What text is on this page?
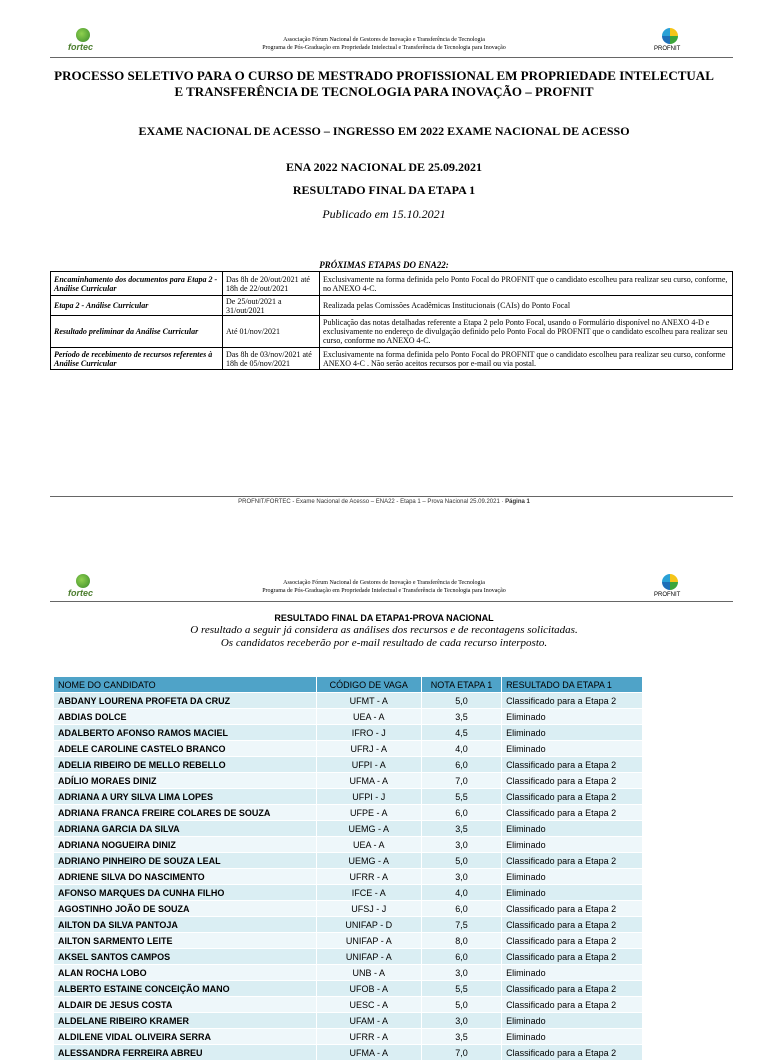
fortec	PROFNIT
Associação Fórum Nacional de Gestores de Inovação e Transferência de Tecnologia
Programa de Pós-Graduação em Propriedade Intelectual e Transferência de Tecnologia para Inovação
PROCESSO SELETIVO PARA O CURSO DE MESTRADO PROFISSIONAL EM PROPRIEDADE INTELECTUAL
E TRANSFERÊNCIA DE TECNOLOGIA PARA INOVAÇÃO – PROFNIT
EXAME NACIONAL DE ACESSO – INGRESSO EM 2022 EXAME NACIONAL DE ACESSO
ENA 2022 NACIONAL DE 25.09.2021
RESULTADO FINAL DA ETAPA 1
Publicado em 15.10.2021
PRÓXIMAS ETAPAS DO ENA22:
Encaminhamento dos documentos para Etapa 2 - Análise Curricular	Das 8h de 20/out/2021 até 18h de 22/out/2021	Exclusivamente na forma definida pelo Ponto Focal do PROFNIT que o candidato escolheu para realizar seu curso, conforme, no ANEXO 4-C.
Etapa 2 - Análise Curricular	De 25/out/2021 a 31/out/2021	Realizada pelas Comissões Acadêmicas Institucionais (CAIs) do Ponto Focal
Resultado preliminar da Análise Curricular	Até 01/nov/2021	Publicação das notas detalhadas referente a Etapa 2 pelo Ponto Focal, usando o Formulário disponível no ANEXO 4-D e exclusivamente no endereço de divulgação definido pelo Ponto Focal do PROFNIT que o candidato escolheu para realizar seu curso, conforme no ANEXO 4-C.
Período de recebimento de recursos referentes à Análise Curricular	Das 8h de 03/nov/2021 até 18h de 05/nov/2021	Exclusivamente na forma definida pelo Ponto Focal do PROFNIT que o candidato escolheu para realizar seu curso, conforme ANEXO 4-C . Não serão aceitos recursos por e-mail ou via postal.
PROFNIT/FORTEC - Exame Nacional de Acesso – ENA22 - Etapa 1 – Prova Nacional 25.09.2021 · Página 1
fortec	PROFNIT
Associação Fórum Nacional de Gestores de Inovação e Transferência de Tecnologia
Programa de Pós-Graduação em Propriedade Intelectual e Transferência de Tecnologia para Inovação
RESULTADO FINAL DA ETAPA1-PROVA NACIONAL
O resultado a seguir já considera as análises dos recursos e de recontagens solicitadas.
Os candidatos receberão por e-mail resultado de cada recurso interposto.
NOME DO CANDIDATO	CÓDIGO DE VAGA	NOTA ETAPA 1	RESULTADO DA ETAPA 1
ABDANY LOURENA PROFETA DA CRUZ	UFMT - A	5,0	Classificado para a Etapa 2
ABDIAS DOLCE	UEA - A	3,5	Eliminado
ADALBERTO AFONSO RAMOS MACIEL	IFRO - J	4,5	Eliminado
ADELE CAROLINE CASTELO BRANCO	UFRJ - A	4,0	Eliminado
ADELIA RIBEIRO DE MELLO REBELLO	UFPI - A	6,0	Classificado para a Etapa 2
ADÍLIO MORAES DINIZ	UFMA - A	7,0	Classificado para a Etapa 2
ADRIANA A URY SILVA LIMA LOPES	UFPI - J	5,5	Classificado para a Etapa 2
ADRIANA FRANCA FREIRE COLARES DE SOUZA	UFPE - A	6,0	Classificado para a Etapa 2
ADRIANA GARCIA DA SILVA	UEMG - A	3,5	Eliminado
ADRIANA NOGUEIRA DINIZ	UEA - A	3,0	Eliminado
ADRIANO PINHEIRO DE SOUZA LEAL	UEMG - A	5,0	Classificado para a Etapa 2
ADRIENE SILVA DO NASCIMENTO	UFRR - A	3,0	Eliminado
AFONSO MARQUES DA CUNHA FILHO	IFCE - A	4,0	Eliminado
AGOSTINHO JOÃO DE SOUZA	UFSJ - J	6,0	Classificado para a Etapa 2
AILTON DA SILVA PANTOJA	UNIFAP - D	7,5	Classificado para a Etapa 2
AILTON SARMENTO LEITE	UNIFAP - A	8,0	Classificado para a Etapa 2
AKSEL SANTOS CAMPOS	UNIFAP - A	6,0	Classificado para a Etapa 2
ALAN ROCHA LOBO	UNB - A	3,0	Eliminado
ALBERTO ESTAINE CONCEIÇÃO MANO	UFOB - A	5,5	Classificado para a Etapa 2
ALDAIR DE JESUS COSTA	UESC - A	5,0	Classificado para a Etapa 2
ALDELANE RIBEIRO KRAMER	UFAM - A	3,0	Eliminado
ALDILENE VIDAL OLIVEIRA SERRA	UFRR - A	3,5	Eliminado
ALESSANDRA FERREIRA ABREU	UFMA - A	7,0	Classificado para a Etapa 2
